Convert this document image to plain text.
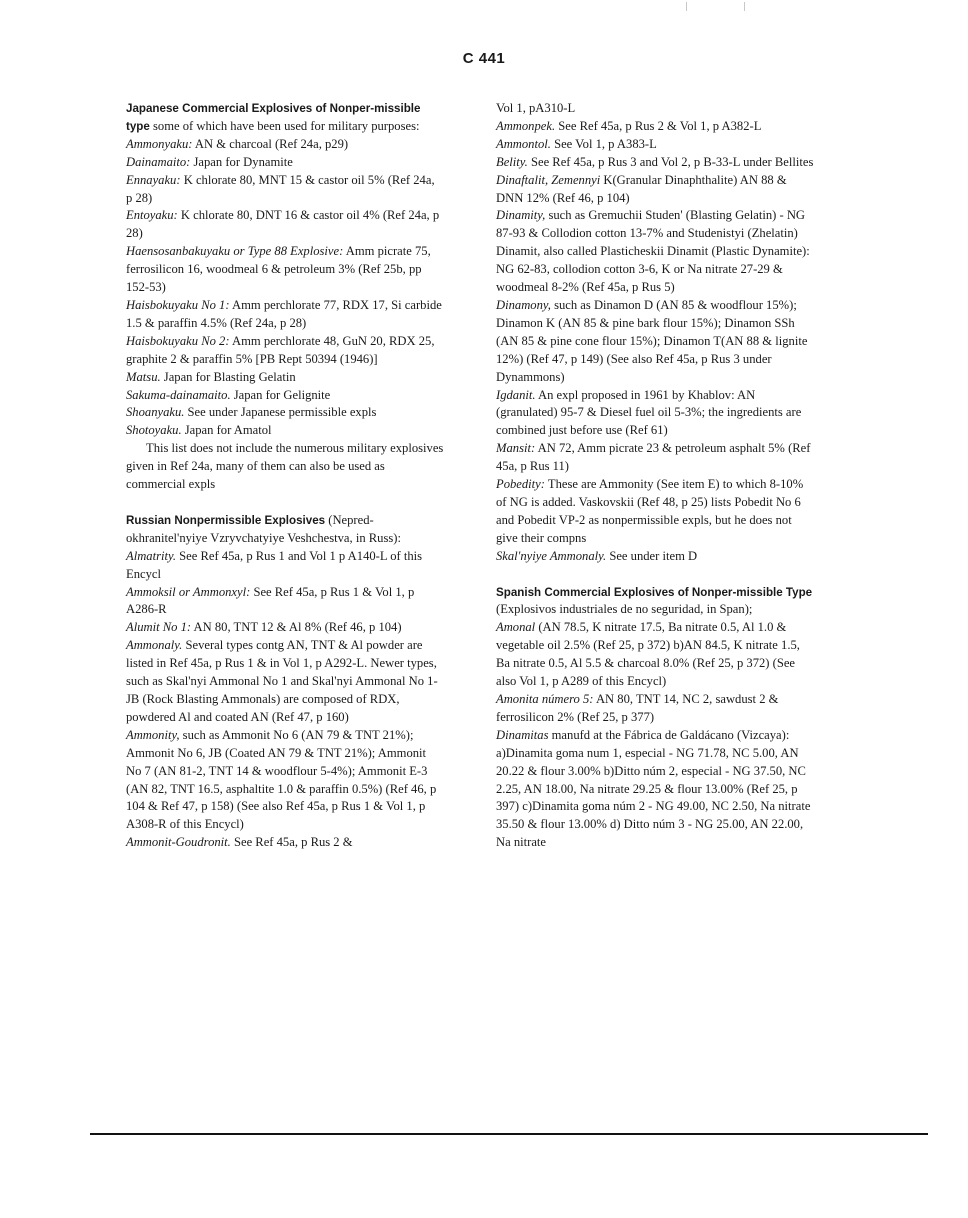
C 441

Japanese Commercial Explosives of Nonper-missible type some of which have been used for military purposes:

Ammonyaku: AN & charcoal (Ref 24a, p29)

Dainamaito: Japan for Dynamite

Ennayaku: K chlorate 80, MNT 15 & castor oil 5% (Ref 24a, p 28)

Entoyaku: K chlorate 80, DNT 16 & castor oil 4% (Ref 24a, p 28)

Haensosanbakuyaku or Type 88 Explosive: Amm picrate 75, ferrosilicon 16, woodmeal 6 & petroleum 3% (Ref 25b, pp 152-53)

Haisbokuyaku No 1: Amm perchlorate 77, RDX 17, Si carbide 1.5 & paraffin 4.5% (Ref 24a, p 28)

Haisbokuyaku No 2: Amm perchlorate 48, GuN 20, RDX 25, graphite 2 & paraffin 5% [PB Rept 50394 (1946)]

Matsu. Japan for Blasting Gelatin

Sakuma-dainamaito. Japan for Gelignite

Shoanyaku. See under Japanese permissible expls

Shotoyaku. Japan for Amatol

This list does not include the numerous military explosives given in Ref 24a, many of them can also be used as commercial expls

Russian Nonpermissible Explosives (Nepred-okhranitel'nyiye Vzryvchatyiye Veshchestva, in Russ):

Almatrity. See Ref 45a, p Rus 1 and Vol 1 p A140-L of this Encycl

Ammoksil or Ammonxyl: See Ref 45a, p Rus 1 & Vol 1, p A286-R

Alumit No 1: AN 80, TNT 12 & Al 8% (Ref 46, p 104)

Ammonaly. Several types contg AN, TNT & Al powder are listed in Ref 45a, p Rus 1 & in Vol 1, p A292-L. Newer types, such as Skal'nyi Ammonal No 1 and Skal'nyi Ammonal No 1-JB (Rock Blasting Ammonals) are composed of RDX, powdered Al and coated AN (Ref 47, p 160)

Ammonity, such as Ammonit No 6 (AN 79 & TNT 21%); Ammonit No 6, JB (Coated AN 79 & TNT 21%); Ammonit No 7 (AN 81-2, TNT 14 & woodflour 5-4%); Ammonit E-3 (AN 82, TNT 16.5, asphaltite 1.0 & paraffin 0.5%) (Ref 46, p 104 & Ref 47, p 158) (See also Ref 45a, p Rus 1 & Vol 1, p A308-R of this Encycl)

Ammonit-Goudronit. See Ref 45a, p Rus 2 &

Vol 1, pA310-L

Ammonpek. See Ref 45a, p Rus 2 & Vol 1, p A382-L

Ammontol. See Vol 1, p A383-L

Belity. See Ref 45a, p Rus 3 and Vol 2, p B-33-L under Bellites

Dinaftalit, Zemennyi K(Granular Dinaphthalite) AN 88 & DNN 12% (Ref 46, p 104)

Dinamity, such as Gremuchii Studen' (Blasting Gelatin) - NG 87-93 & Collodion cotton 13-7% and Studenistyi (Zhelatin) Dinamit, also called Plasticheskii Dinamit (Plastic Dynamite): NG 62-83, collodion cotton 3-6, K or Na nitrate 27-29 & woodmeal 8-2% (Ref 45a, p Rus 5)

Dinamony, such as Dinamon D (AN 85 & woodflour 15%); Dinamon K (AN 85 & pine bark flour 15%); Dinamon SSh (AN 85 & pine cone flour 15%); Dinamon T(AN 88 & lignite 12%) (Ref 47, p 149) (See also Ref 45a, p Rus 3 under Dynammons)

Igdanit. An expl proposed in 1961 by Khablov: AN (granulated) 95-7 & Diesel fuel oil 5-3%; the ingredients are combined just before use (Ref 61)

Mansit: AN 72, Amm picrate 23 & petroleum asphalt 5% (Ref 45a, p Rus 11)

Pobedity: These are Ammonity (See item E) to which 8-10% of NG is added. Vaskovskii (Ref 48, p 25) lists Pobedit No 6 and Pobedit VP-2 as nonpermissible expls, but he does not give their compns

Skal'nyiye Ammonaly. See under item D

Spanish Commercial Explosives of Nonper-missible Type (Explosivos industriales de no seguridad, in Span);

Amonal (AN 78.5, K nitrate 17.5, Ba nitrate 0.5, Al 1.0 & vegetable oil 2.5% (Ref 25, p 372) b)AN 84.5, K nitrate 1.5, Ba nitrate 0.5, Al 5.5 & charcoal 8.0% (Ref 25, p 372) (See also Vol 1, p A289 of this Encycl)

Amonita número 5: AN 80, TNT 14, NC 2, sawdust 2 & ferrosilicon 2% (Ref 25, p 377)

Dinamitas manufd at the Fábrica de Galdácano (Vizcaya): a)Dinamita goma num 1, especial - NG 71.78, NC 5.00, AN 20.22 & flour 3.00% b)Ditto núm 2, especial - NG 37.50, NC 2.25, AN 18.00, Na nitrate 29.25 & flour 13.00% (Ref 25, p 397) c)Dinamita goma núm 2 - NG 49.00, NC 2.50, Na nitrate 35.50 & flour 13.00% d) Ditto núm 3 - NG 25.00, AN 22.00, Na nitrate
